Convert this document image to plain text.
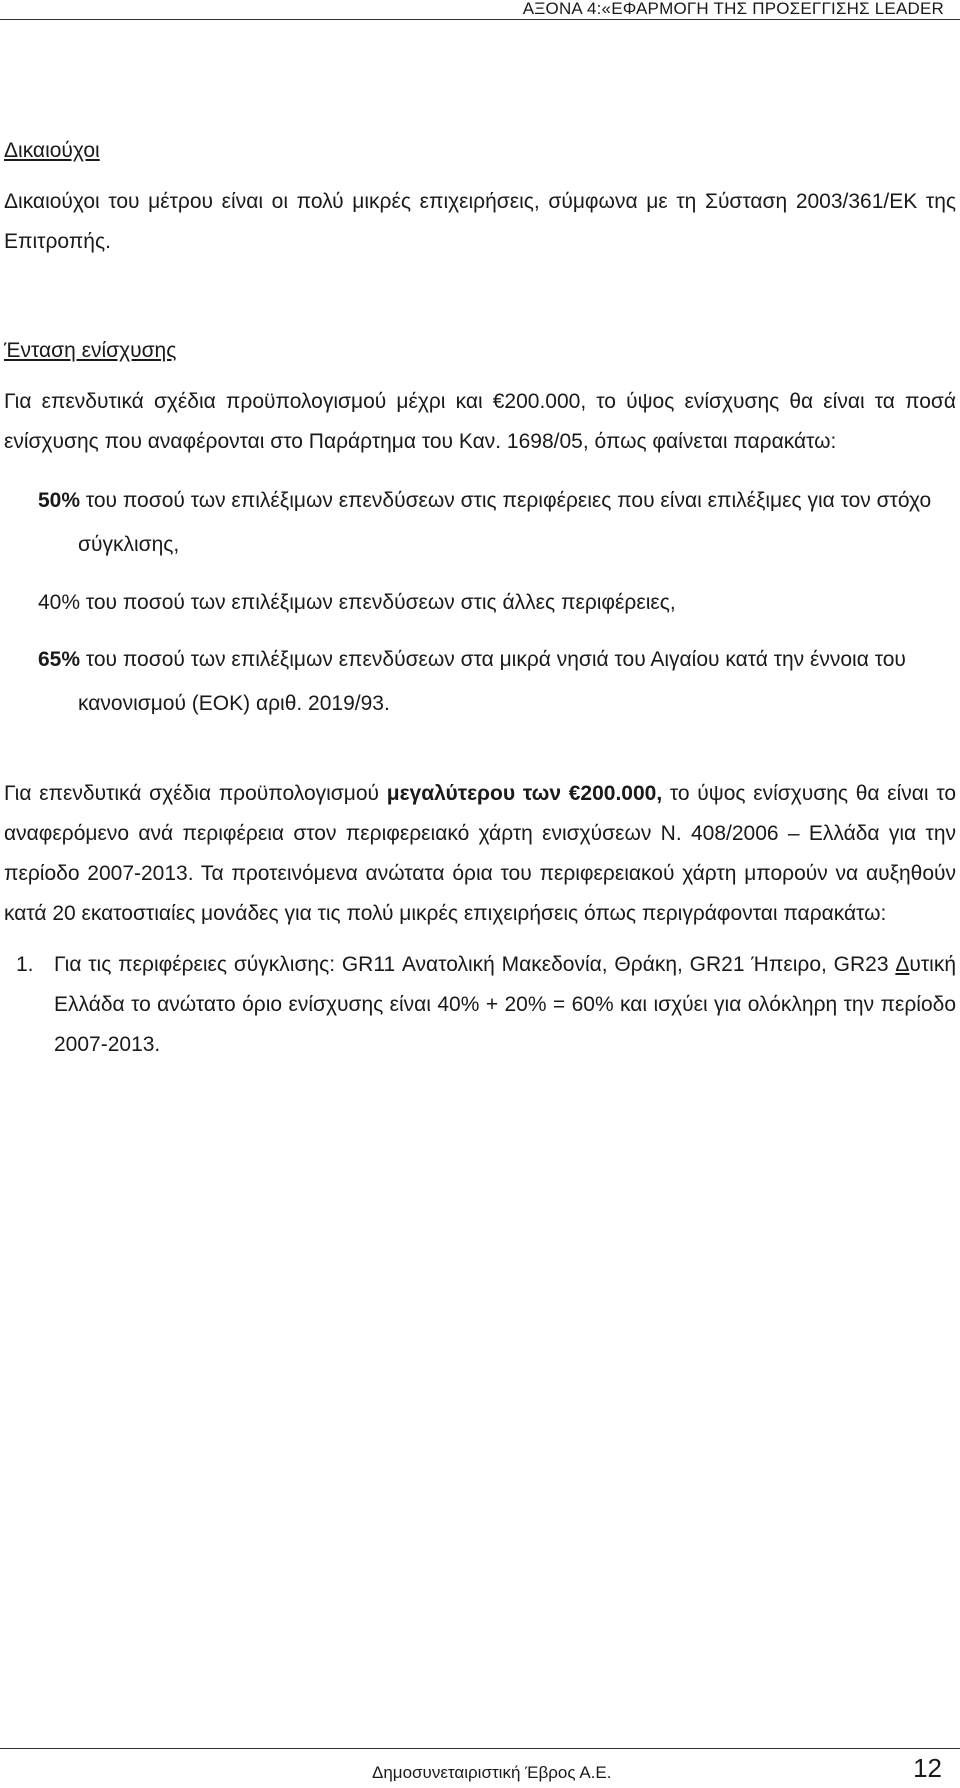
ΑΞΟΝΑ 4:«ΕΦΑΡΜΟΓΗ ΤΗΣ ΠΡΟΣΕΓΓΙΣΗΣ LEADER

Δικαιούχοι

Δικαιούχοι του μέτρου είναι οι πολύ μικρές επιχειρήσεις, σύμφωνα με τη Σύσταση 2003/361/ΕΚ της Επιτροπής.

Ένταση ενίσχυσης

Για επενδυτικά σχέδια προϋπολογισμού μέχρι και €200.000, το ύψος ενίσχυσης θα είναι τα ποσά ενίσχυσης που αναφέρονται στο Παράρτημα του Καν. 1698/05, όπως φαίνεται παρακάτω:

50% του ποσού των επιλέξιμων επενδύσεων στις περιφέρειες που είναι επιλέξιμες για τον στόχο
σύγκλισης,
40% του ποσού των επιλέξιμων επενδύσεων στις άλλες περιφέρειες,
65% του ποσού των επιλέξιμων επενδύσεων στα μικρά νησιά του Αιγαίου κατά την έννοια του
κανονισμού (ΕΟΚ) αριθ. 2019/93.

Για επενδυτικά σχέδια προϋπολογισμού μεγαλύτερου των €200.000, το ύψος ενίσχυσης θα είναι το αναφερόμενο ανά περιφέρεια στον περιφερειακό χάρτη ενισχύσεων Ν. 408/2006 – Ελλάδα για την περίοδο 2007-2013. Τα προτεινόμενα ανώτατα όρια του περιφερειακού χάρτη μπορούν να αυξηθούν κατά 20 εκατοστιαίες μονάδες για τις πολύ μικρές επιχειρήσεις όπως περιγράφονται παρακάτω:

1. Για τις περιφέρειες σύγκλισης: GR11 Ανατολική Μακεδονία, Θράκη, GR21 Ήπειρο, GR23 Δυτική Ελλάδα το ανώτατο όριο ενίσχυσης είναι 40% + 20% = 60% και ισχύει για ολόκληρη την περίοδο 2007-2013.
Δημοσυνεταιριστική Έβρος Α.Ε.	12
